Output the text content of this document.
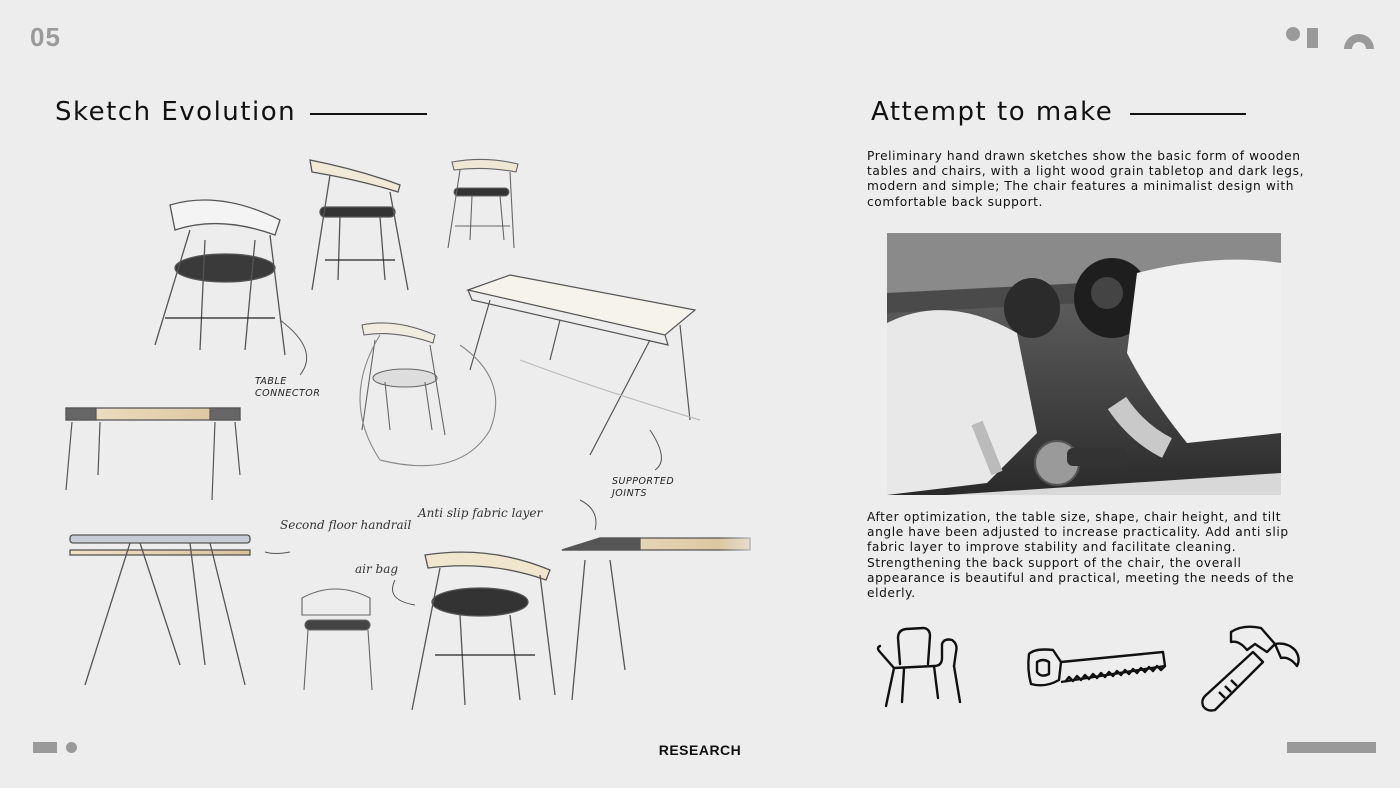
05
Sketch Evolution
TABLE CONNECTOR
SUPPORTED JOINTS
Second floor handrail
Anti slip fabric layer
air bag
Attempt to make
Preliminary hand drawn sketches show the basic form of wooden tables and chairs, with a light wood grain tabletop and dark legs, modern and simple; The chair features a minimalist design with comfortable back support.
After optimization, the table size, shape, chair height, and tilt angle have been adjusted to increase practicality. Add anti slip fabric layer to improve stability and facilitate cleaning. Strengthening the back support of the chair, the overall appearance is beautiful and practical, meeting the needs of the elderly.
RESEARCH
